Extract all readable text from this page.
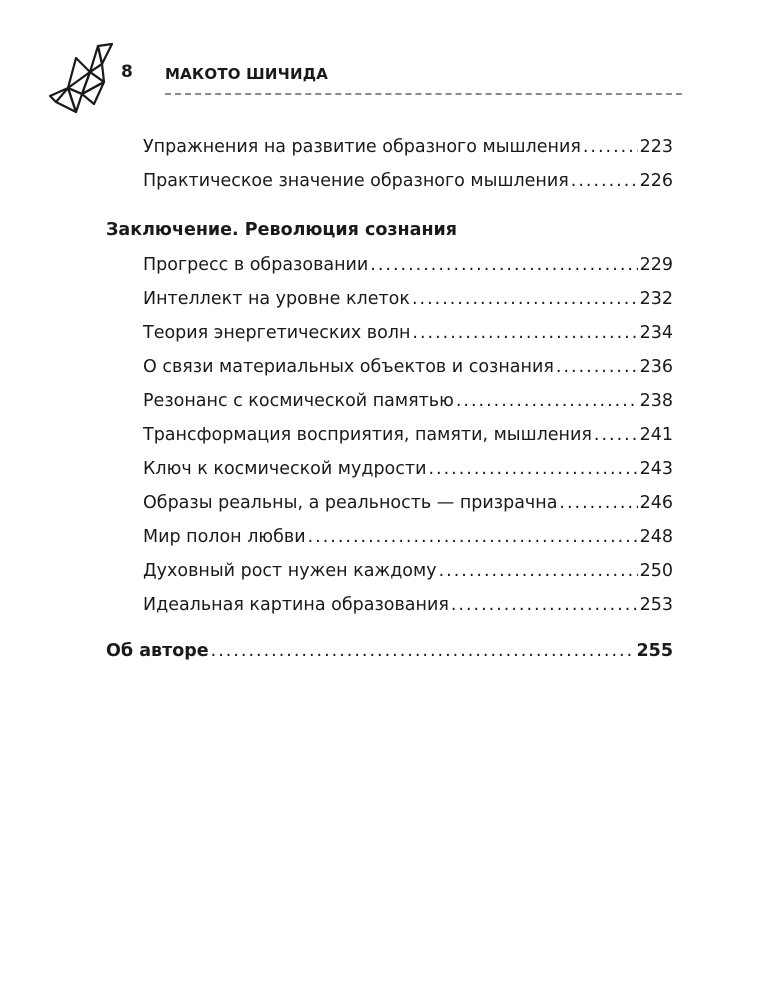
8 МАКОТО ШИЧИДА
Упражнения на развитие образного мышления .....	223
Практическое значение образного мышления .....	226
Заключение. Революция сознания
Прогресс в образовании .....	229
Интеллект на уровне клеток .....	232
Теория энергетических волн .....	234
О связи материальных объектов и сознания .....	236
Резонанс с космической памятью .....	238
Трансформация восприятия, памяти, мышления .....	241
Ключ к космической мудрости .....	243
Образы реальны, а реальность — призрачна .....	246
Мир полон любви .....	248
Духовный рост нужен каждому .....	250
Идеальная картина образования .....	253
Об авторе .....	255
